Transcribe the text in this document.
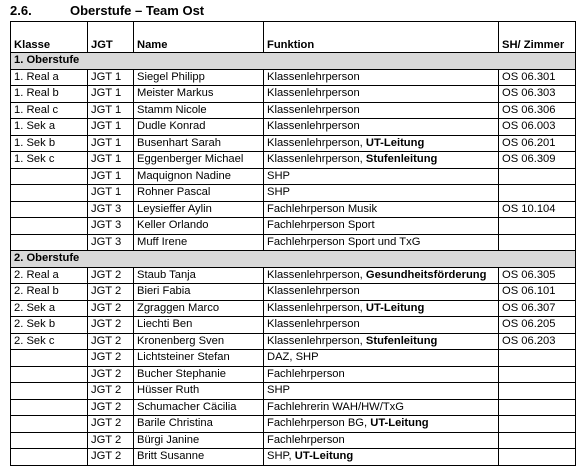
2.6.	Oberstufe – Team Ost
Klasse	JGT	Name	Funktion	SH/ Zimmer
1. Oberstufe				
1. Real a	JGT 1	Siegel Philipp	Klassenlehrperson	OS 06.301
1. Real b	JGT 1	Meister Markus	Klassenlehrperson	OS 06.303
1. Real c	JGT 1	Stamm Nicole	Klassenlehrperson	OS 06.306
1. Sek a	JGT 1	Dudle Konrad	Klassenlehrperson	OS 06.003
1. Sek b	JGT 1	Busenhart Sarah	Klassenlehrperson, UT-Leitung	OS 06.201
1. Sek c	JGT 1	Eggenberger Michael	Klassenlehrperson, Stufenleitung	OS 06.309
	JGT 1	Maquignon Nadine	SHP	
	JGT 1	Rohner Pascal	SHP	
	JGT 3	Leysieffer Aylin	Fachlehrperson Musik	OS 10.104
	JGT 3	Keller Orlando	Fachlehrperson Sport	
	JGT 3	Muff Irene	Fachlehrperson Sport und TxG	
2. Oberstufe				
2. Real a	JGT 2	Staub Tanja	Klassenlehrperson, Gesundheitsförderung	OS 06.305
2. Real b	JGT 2	Bieri Fabia	Klassenlehrperson	OS 06.101
2. Sek a	JGT 2	Zgraggen Marco	Klassenlehrperson, UT-Leitung	OS 06.307
2. Sek b	JGT 2	Liechti Ben	Klassenlehrperson	OS 06.205
2. Sek c	JGT 2	Kronenberg Sven	Klassenlehrperson, Stufenleitung	OS 06.203
	JGT 2	Lichtsteiner Stefan	DAZ, SHP	
	JGT 2	Bucher Stephanie	Fachlehrperson	
	JGT 2	Hüsser Ruth	SHP	
	JGT 2	Schumacher Cäcilia	Fachlehrerin WAH/HW/TxG	
	JGT 2	Barile Christina	Fachlehrperson BG, UT-Leitung	
	JGT 2	Bürgi Janine	Fachlehrperson	
	JGT 2	Britt Susanne	SHP, UT-Leitung	
